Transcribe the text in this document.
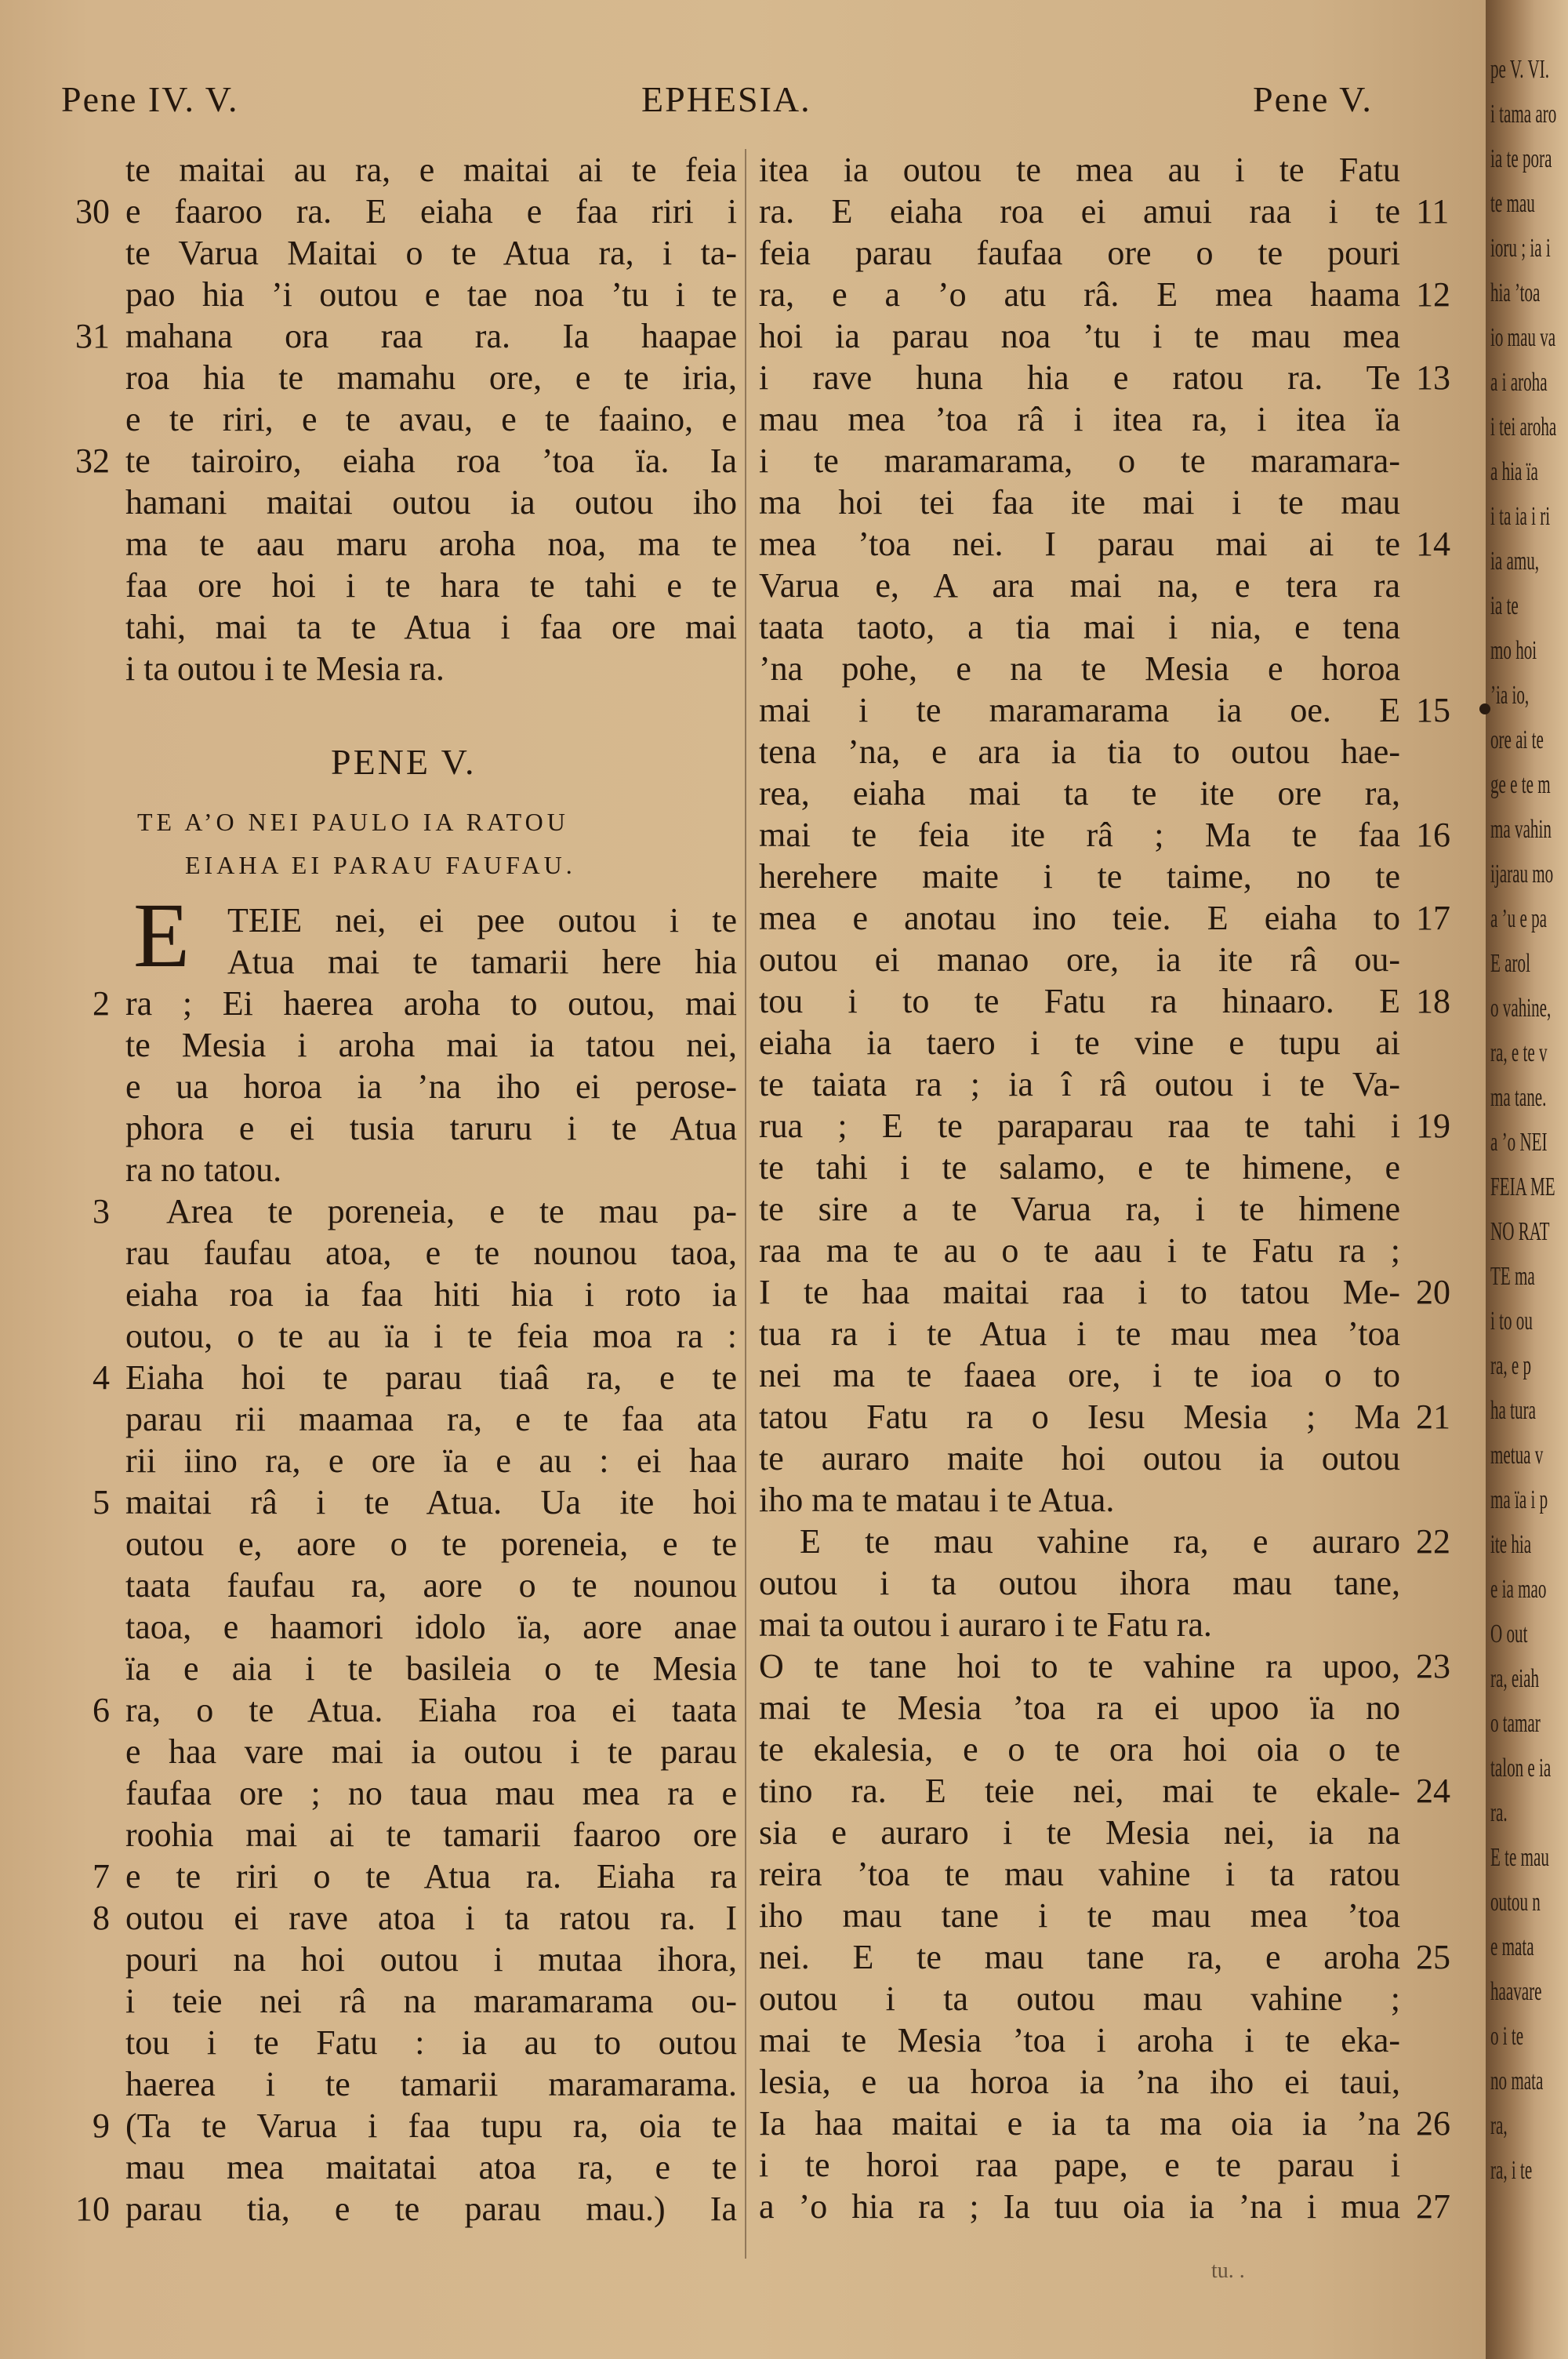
pe V. VI.
i tama aro
ia te pora
te mau
ioru ; ia i
hia ’toa
io mau va
a i aroha
i tei aroha
a hia ïa
i ta ia i ri
ia amu,
ia te
mo hoi
’ia io,
ore ai te
ge e te m
ma vahin
ijarau mo
a ’u e pa
E arol
o vahine,
ra, e te v
ma tane.
a ’o NEI
FEIA ME
NO RAT
TE ma
i to ou
ra, e p
ha tura
metua v
ma ïa i p
ite hia
e ia mao
O out
ra, eiah
o tamar
talon e ia
ra.
E te mau
outou n
e mata
haavare
o i te
no mata
ra,
ra, i te
Pene IV. V.	EPHESIA.	Pene V.
te maitai au ra, e maitai ai te feia
e faaroo ra. E eiaha e faa riri i
30
te Varua Maitai o te Atua ra, i ta-
pao hia ’i outou e tae noa ’tu i te
mahana ora raa ra. Ia haapae
31
roa hia te mamahu ore, e te iria,
e te riri, e te avau, e te faaino, e
te tairoiro, eiaha roa ’toa ïa. Ia
32
hamani maitai outou ia outou iho
ma te aau maru aroha noa, ma te
faa ore hoi i te hara te tahi e te
tahi, mai ta te Atua i faa ore mai
i ta outou i te Mesia ra.
PENE V.
TE A’O NEI PAULO IA RATOU
EIAHA EI PARAU FAUFAU.
E TEIE nei, ei pee outou i te
Atua mai te tamarii here hia
ra ; Ei haerea aroha to outou, mai
2
te Mesia i aroha mai ia tatou nei,
e ua horoa ia ’na iho ei perose-
phora e ei tusia taruru i te Atua
ra no tatou.
Area te poreneia, e te mau pa-
3
rau faufau atoa, e te nounou taoa,
eiaha roa ia faa hiti hia i roto ia
outou, o te au ïa i te feia moa ra :
Eiaha hoi te parau tiaâ ra, e te
4
parau rii maamaa ra, e te faa ata
rii iino ra, e ore ïa e au : ei haa
maitai râ i te Atua. Ua ite hoi
5
outou e, aore o te poreneia, e te
taata faufau ra, aore o te nounou
taoa, e haamori idolo ïa, aore anae
ïa e aia i te basileia o te Mesia
ra, o te Atua. Eiaha roa ei taata
6
e haa vare mai ia outou i te parau
faufaa ore ; no taua mau mea ra e
roohia mai ai te tamarii faaroo ore
e te riri o te Atua ra. Eiaha ra
7
outou ei rave atoa i ta ratou ra. I
8
pouri na hoi outou i mutaa ihora,
i teie nei râ na maramarama ou-
tou i te Fatu : ia au to outou
haerea i te tamarii maramarama.
(Ta te Varua i faa tupu ra, oia te
9
mau mea maitatai atoa ra, e te
parau tia, e te parau mau.) Ia
10
itea ia outou te mea au i te Fatu
ra. E eiaha roa ei amui raa i te 11
feia parau faufaa ore o te pouri
ra, e a ’o atu râ. E mea haama 12
hoi ia parau noa ’tu i te mau mea
i rave huna hia e ratou ra. Te 13
mau mea ’toa râ i itea ra, i itea ïa
i te maramarama, o te maramara-
ma hoi tei faa ite mai i te mau
mea ’toa nei. I parau mai ai te 14
Varua e, A ara mai na, e tera ra
taata taoto, a tia mai i nia, e tena
’na pohe, e na te Mesia e horoa
mai i te maramarama ia oe. E 15
tena ’na, e ara ia tia to outou hae-
rea, eiaha mai ta te ite ore ra,
mai te feia ite râ ; Ma te faa 16
herehere maite i te taime, no te
mea e anotau ino teie. E eiaha to 17
outou ei manao ore, ia ite râ ou-
tou i to te Fatu ra hinaaro. E 18
eiaha ia taero i te vine e tupu ai
te taiata ra ; ia î râ outou i te Va-
rua ; E te paraparau raa te tahi i 19
te tahi i te salamo, e te himene, e
te sire a te Varua ra, i te himene
raa ma te au o te aau i te Fatu ra ;
I te haa maitai raa i to tatou Me- 20
tua ra i te Atua i te mau mea ’toa
nei ma te faaea ore, i te ioa o to
tatou Fatu ra o Iesu Mesia ; Ma 21
te auraro maite hoi outou ia outou
iho ma te matau i te Atua.
E te mau vahine ra, e auraro 22
outou i ta outou ihora mau tane,
mai ta outou i auraro i te Fatu ra.
O te tane hoi to te vahine ra upoo, 23
mai te Mesia ’toa ra ei upoo ïa no
te ekalesia, e o te ora hoi oia o te
tino ra. E teie nei, mai te ekale- 24
sia e auraro i te Mesia nei, ia na
reira ’toa te mau vahine i ta ratou
iho mau tane i te mau mea ’toa
nei. E te mau tane ra, e aroha 25
outou i ta outou mau vahine ;
mai te Mesia ’toa i aroha i te eka-
lesia, e ua horoa ia ’na iho ei taui,
Ia haa maitai e ia ta ma oia ia ’na 26
i te horoi raa pape, e te parau i
a ’o hia ra ; Ia tuu oia ia ’na i mua 27
tu. .
